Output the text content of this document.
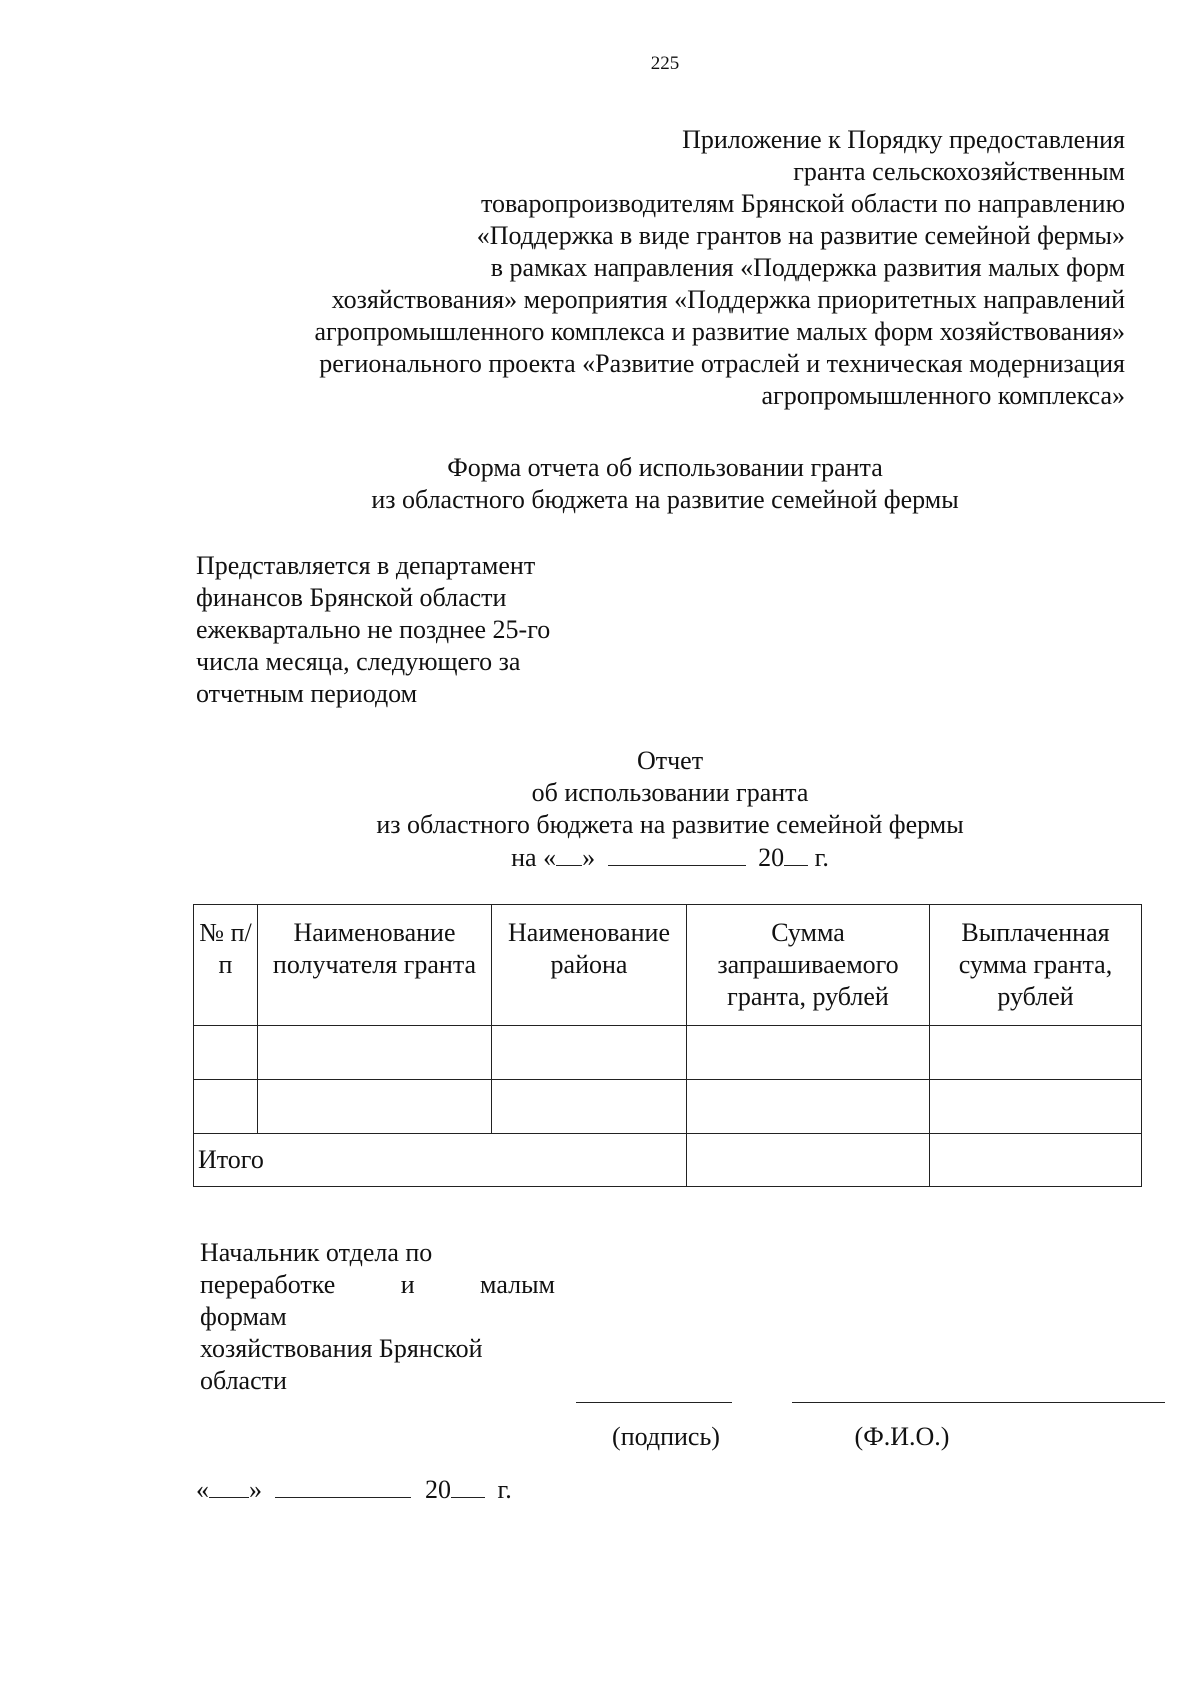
225
Приложение к Порядку предоставления
гранта сельскохозяйственным
товаропроизводителям Брянской области по направлению
«Поддержка в виде грантов на развитие семейной фермы»
в рамках направления «Поддержка развития малых форм
хозяйствования» мероприятия «Поддержка приоритетных направлений
агропромышленного комплекса и развитие малых форм хозяйствования»
регионального проекта «Развитие отраслей и техническая модернизация
агропромышленного комплекса»
Форма отчета об использовании гранта
из областного бюджета на развитие семейной фермы
Представляется в департамент
финансов Брянской области
ежеквартально не позднее 25-го
числа месяца, следующего за
отчетным периодом
Отчет
об использовании гранта
из областного бюджета на развитие семейной фермы
на « »	20 г.
№ п/п	Наименование получателя гранта	Наименование района	Сумма запрашиваемого гранта, рублей	Выплаченная сумма гранта, рублей

Итого				
Начальник отдела по
переработке	и	малым
формам
хозяйствования Брянской
области
(подпись)	(Ф.И.О.)
« »	20 г.
